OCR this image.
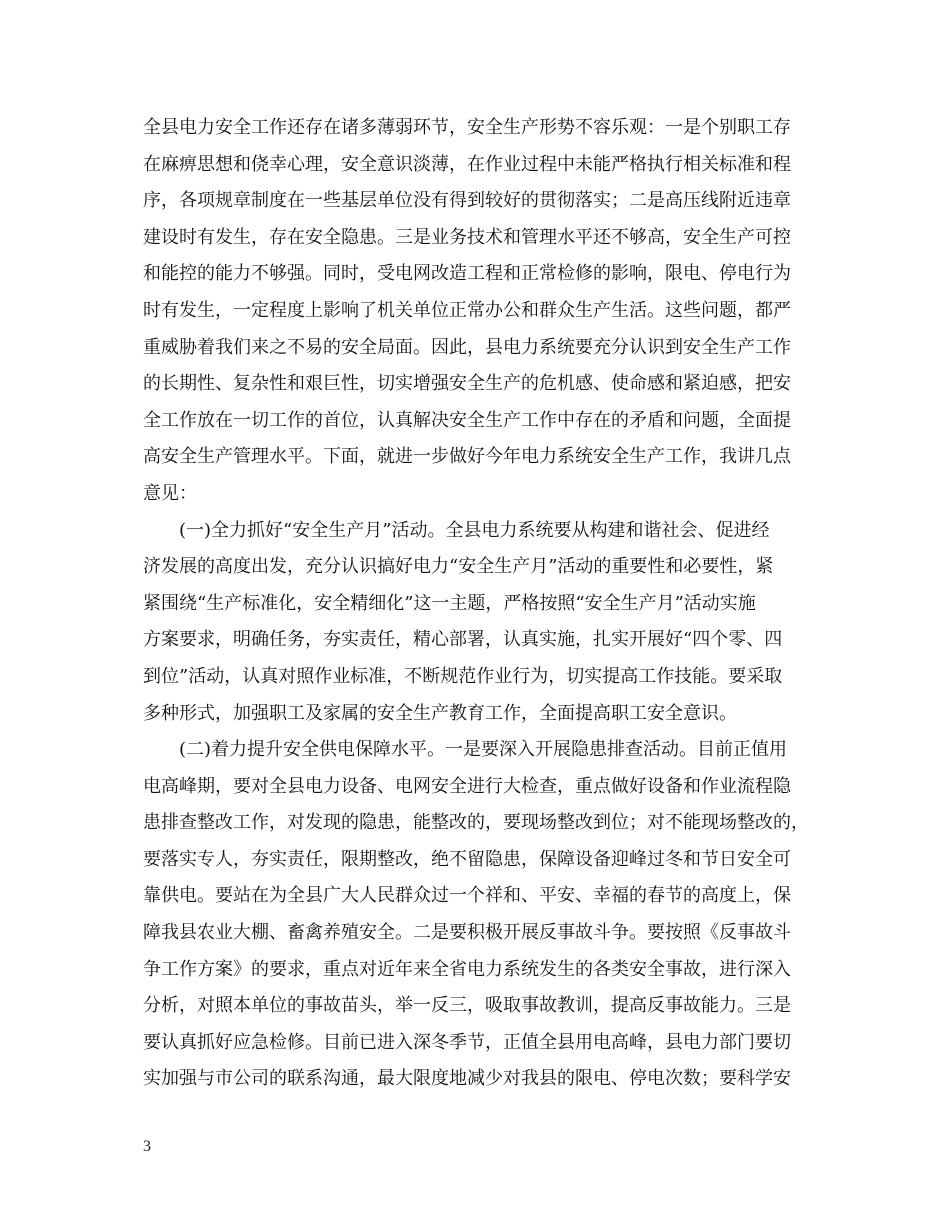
全县电力安全工作还存在诸多薄弱环节，安全生产形势不容乐观：一是个别职工存
在麻痹思想和侥幸心理，安全意识淡薄，在作业过程中未能严格执行相关标准和程
序，各项规章制度在一些基层单位没有得到较好的贯彻落实；二是高压线附近违章
建设时有发生，存在安全隐患。三是业务技术和管理水平还不够高，安全生产可控
和能控的能力不够强。同时，受电网改造工程和正常检修的影响，限电、停电行为
时有发生，一定程度上影响了机关单位正常办公和群众生产生活。这些问题，都严
重威胁着我们来之不易的安全局面。因此，县电力系统要充分认识到安全生产工作
的长期性、复杂性和艰巨性，切实增强安全生产的危机感、使命感和紧迫感，把安
全工作放在一切工作的首位，认真解决安全生产工作中存在的矛盾和问题，全面提
高安全生产管理水平。下面，就进一步做好今年电力系统安全生产工作，我讲几点
意见：
　　(一)全力抓好“安全生产月”活动。全县电力系统要从构建和谐社会、促进经
济发展的高度出发，充分认识搞好电力“安全生产月”活动的重要性和必要性，紧
紧围绕“生产标准化，安全精细化”这一主题，严格按照“安全生产月”活动实施
方案要求，明确任务，夯实责任，精心部署，认真实施，扎实开展好“四个零、四
到位”活动，认真对照作业标准，不断规范作业行为，切实提高工作技能。要采取
多种形式，加强职工及家属的安全生产教育工作，全面提高职工安全意识。
　　(二)着力提升安全供电保障水平。一是要深入开展隐患排查活动。目前正值用
电高峰期，要对全县电力设备、电网安全进行大检查，重点做好设备和作业流程隐
患排查整改工作，对发现的隐患，能整改的，要现场整改到位；对不能现场整改的，
要落实专人，夯实责任，限期整改，绝不留隐患，保障设备迎峰过冬和节日安全可
靠供电。要站在为全县广大人民群众过一个祥和、平安、幸福的春节的高度上，保
障我县农业大棚、畜禽养殖安全。二是要积极开展反事故斗争。要按照《反事故斗
争工作方案》的要求，重点对近年来全省电力系统发生的各类安全事故，进行深入
分析，对照本单位的事故苗头，举一反三，吸取事故教训，提高反事故能力。三是
要认真抓好应急检修。目前已进入深冬季节，正值全县用电高峰，县电力部门要切
实加强与市公司的联系沟通，最大限度地减少对我县的限电、停电次数；要科学安
3
